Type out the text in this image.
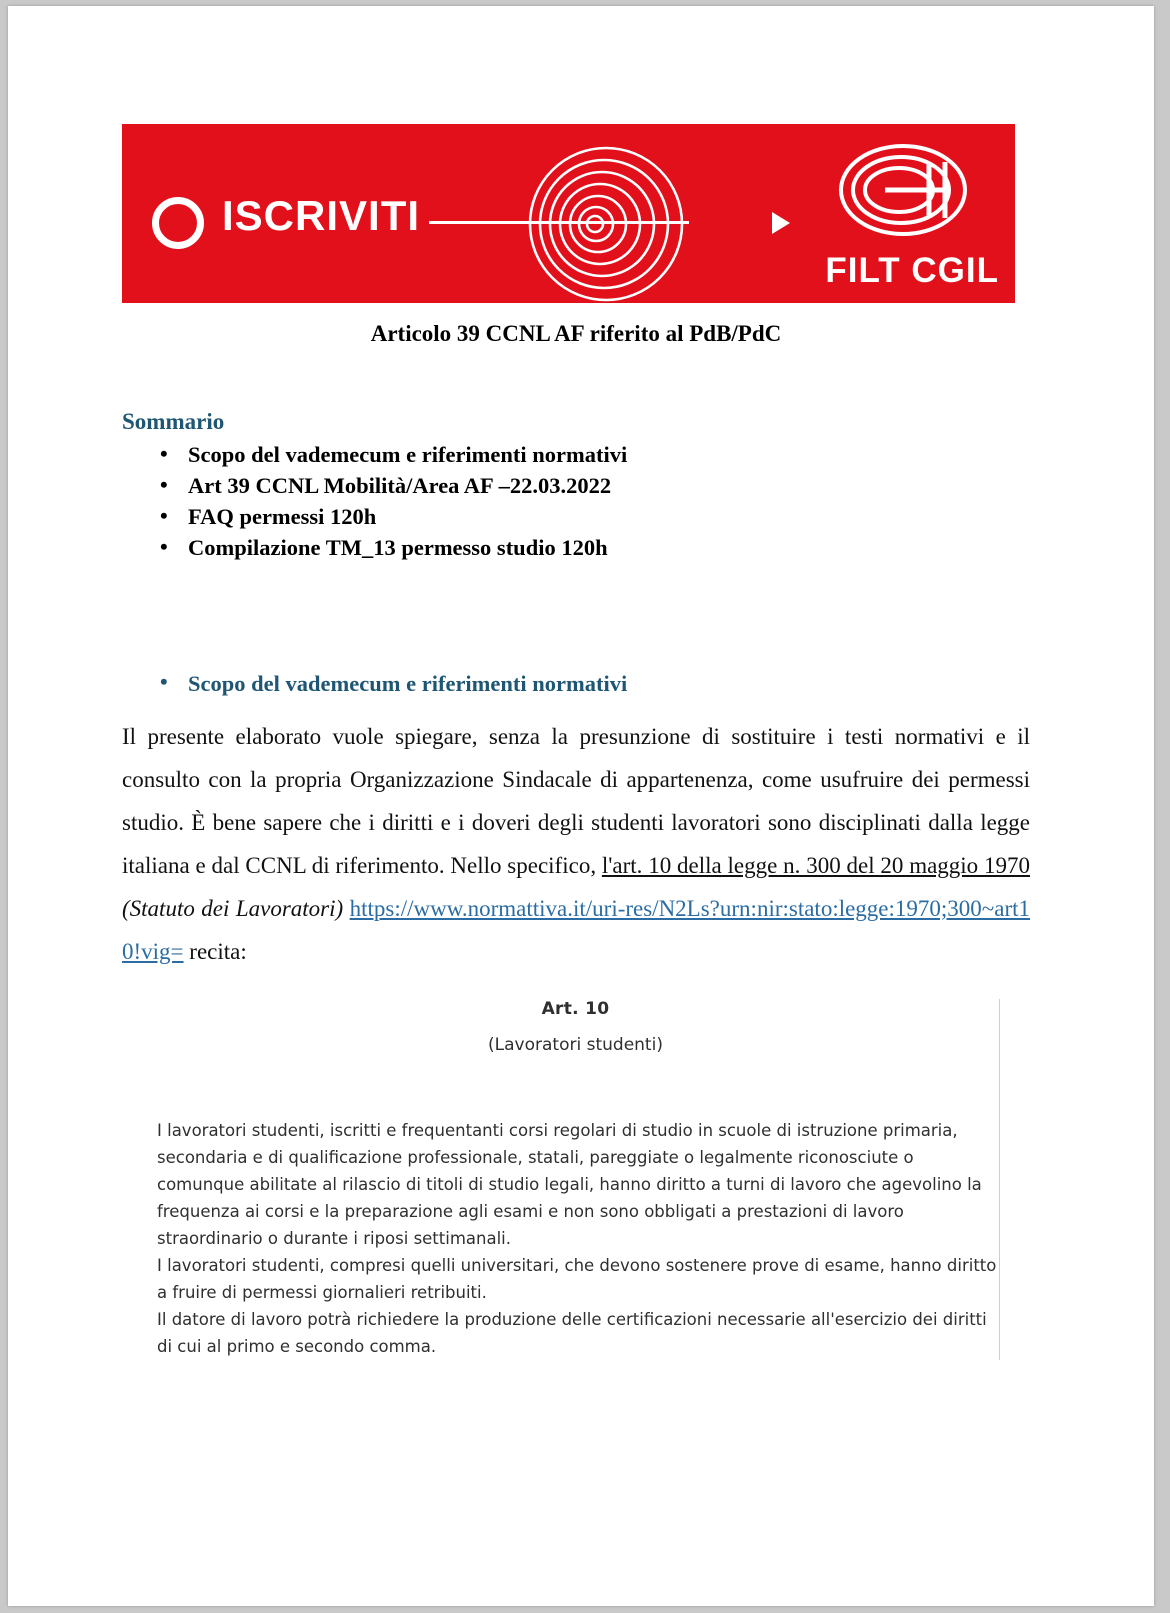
ISCRIVITI
FILT CGIL
Articolo 39 CCNL AF riferito al PdB/PdC
Sommario
• Scopo del vademecum e riferimenti normativi
• Art 39 CCNL Mobilità/Area AF –22.03.2022
• FAQ permessi 120h
• Compilazione TM_13 permesso studio 120h
• Scopo del vademecum e riferimenti normativi

Il presente elaborato vuole spiegare, senza la presunzione di sostituire i testi normativi e il consulto con la propria Organizzazione Sindacale di appartenenza, come usufruire dei permessi studio. È bene sapere che i diritti e i doveri degli studenti lavoratori sono disciplinati dalla legge italiana e dal CCNL di riferimento. Nello specifico, l'art. 10 della legge n. 300 del 20 maggio 1970 (Statuto dei Lavoratori) https://www.normattiva.it/uri-res/N2Ls?urn:nir:stato:legge:1970;300~art10!vig= recita:

Art. 10
(Lavoratori studenti)

I lavoratori studenti, iscritti e frequentanti corsi regolari di studio in scuole di istruzione primaria, secondaria e di qualificazione professionale, statali, pareggiate o legalmente riconosciute o comunque abilitate al rilascio di titoli di studio legali, hanno diritto a turni di lavoro che agevolino la frequenza ai corsi e la preparazione agli esami e non sono obbligati a prestazioni di lavoro straordinario o durante i riposi settimanali.

I lavoratori studenti, compresi quelli universitari, che devono sostenere prove di esame, hanno diritto a fruire di permessi giornalieri retribuiti.

Il datore di lavoro potrà richiedere la produzione delle certificazioni necessarie all'esercizio dei diritti di cui al primo e secondo comma.
